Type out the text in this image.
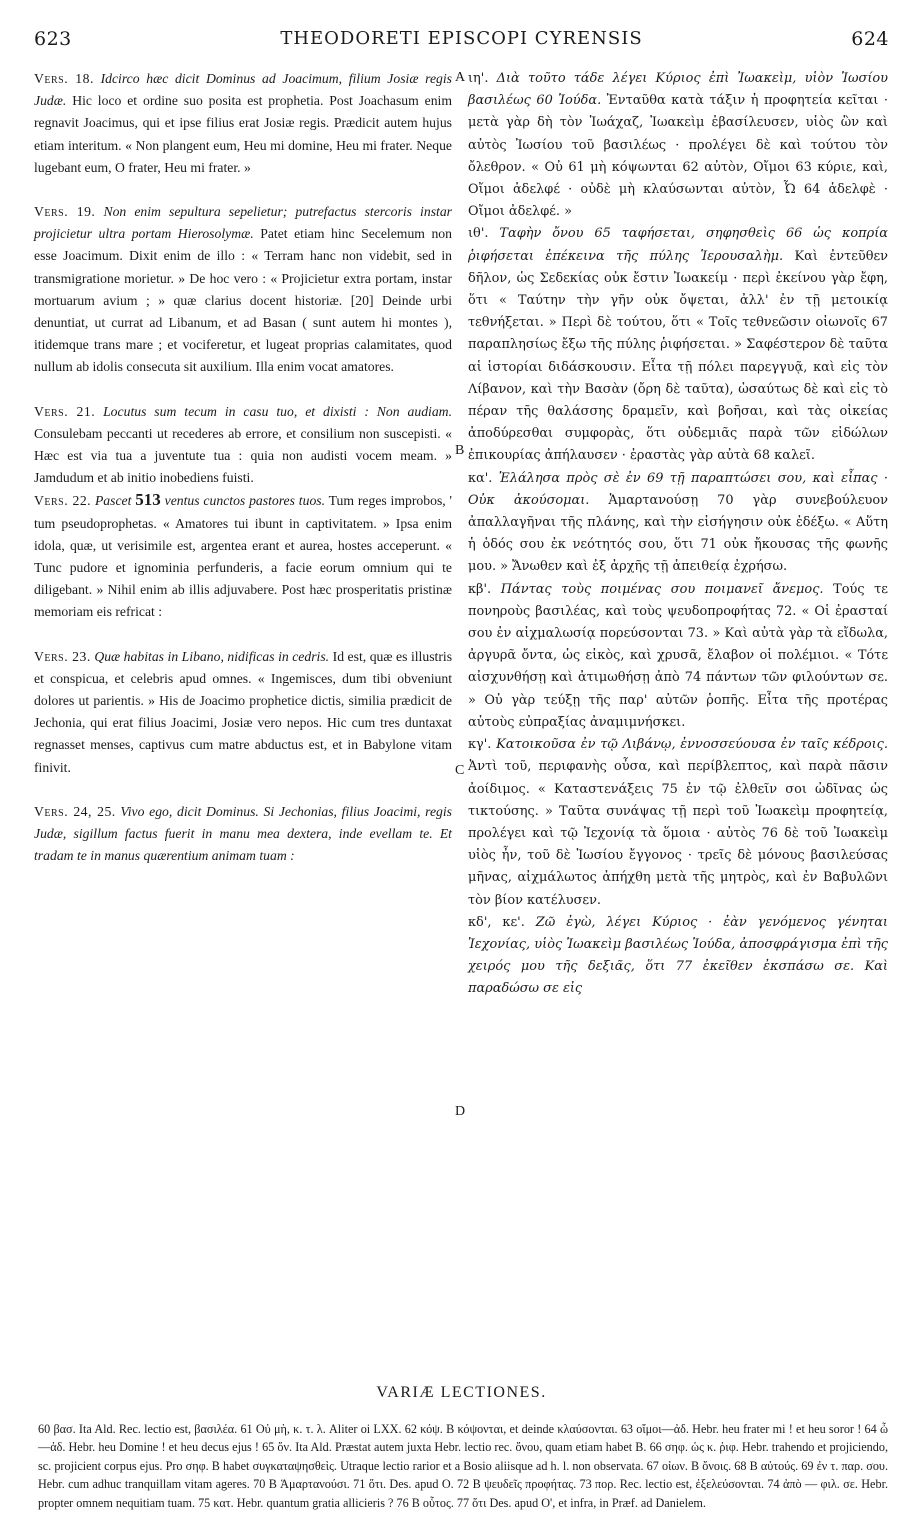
623	THEODORETI EPISCOPI CYRENSIS	624
A
B
C
D

Vers. 18. Idcirco hæc dicit Dominus ad Joacimum, filium Josiæ regis Judæ. Hic loco et ordine suo posita est prophetia. Post Joachasum enim regnavit Joacimus, qui et ipse filius erat Josiæ regis. Prædicit autem hujus etiam interitum. « Non plangent eum, Heu mi domine, Heu mi frater. Neque lugebant eum, O frater, Heu mi frater. »

Vers. 19. Non enim sepultura sepelietur; putrefactus stercoris instar projicietur ultra portam Hierosolymæ. Patet etiam hinc Secelemum non esse Joacimum. Dixit enim de illo : « Terram hanc non videbit, sed in transmigratione morietur. » De hoc vero : « Projicietur extra portam, instar mortuarum avium ; » quæ clarius docent historiæ. [20] Deinde urbi denuntiat, ut currat ad Libanum, et ad Basan ( sunt autem hi montes ), itidemque trans mare ; et vociferetur, et lugeat proprias calamitates, quod nullum ab idolis consecuta sit auxilium. Illa enim vocat amatores.

Vers. 21. Locutus sum tecum in casu tuo, et dixisti : Non audiam. Consulebam peccanti ut recederes ab errore, et consilium non suscepisti. « Hæc est via tua a juventute tua : quia non audisti vocem meam. » Jamdudum et ab initio inobediens fuisti.

Vers. 22. Pascet 513 ventus cunctos pastores tuos. Tum reges improbos, ' tum pseudoprophetas. « Amatores tui ibunt in captivitatem. » Ipsa enim idola, quæ, ut verisimile est, argentea erant et aurea, hostes acceperunt. « Tunc pudore et ignominia perfunderis, a facie eorum omnium qui te diligebant. » Nihil enim ab illis adjuvabere. Post hæc prosperitatis pristinæ memoriam eis refricat :

Vers. 23. Quæ habitas in Libano, nidificas in cedris. Id est, quæ es illustris et conspicua, et celebris apud omnes. « Ingemisces, dum tibi obveniunt dolores ut parientis. » His de Joacimo prophetice dictis, similia prædicit de Jechonia, qui erat filius Joacimi, Josiæ vero nepos. Hic cum tres duntaxat regnasset menses, captivus cum matre abductus est, et in Babylone vitam finivit.

Vers. 24, 25. Vivo ego, dicit Dominus. Si Jechonias, filius Joacimi, regis Judæ, sigillum factus fuerit in manu mea dextera, inde evellam te. Et tradam te in manus quærentium animam tuam :

ιη'. Διὰ τοῦτο τάδε λέγει Κύριος ἐπὶ Ἰωακεὶμ, υἱὸν Ἰωσίου βασιλέως 60 Ἰούδα. Ἐνταῦθα κατὰ τάξιν ἡ προφητεία κεῖται · μετὰ γὰρ δὴ τὸν Ἰωάχαζ, Ἰωακεὶμ ἐβασίλευσεν, υἱὸς ὢν καὶ αὐτὸς Ἰωσίου τοῦ βασιλέως · προλέγει δὲ καὶ τούτου τὸν ὄλεθρον. « Οὐ 61 μὴ κόψωνται 62 αὐτὸν, Οἴμοι 63 κύριε, καὶ, Οἴμοι ἀδελφέ · οὐδὲ μὴ κλαύσωνται αὐτὸν, Ὦ 64 ἀδελφὲ · Οἴμοι ἀδελφέ. »

ιθ'. Ταφὴν ὄνου 65 ταφήσεται, σηφησθεὶς 66 ὡς κοπρία ῥιφήσεται ἐπέκεινα τῆς πύλης Ἱερουσαλὴμ. Καὶ ἐντεῦθεν δῆλον, ὡς Σεδεκίας οὐκ ἔστιν Ἰωακείμ · περὶ ἐκείνου γὰρ ἔφη, ὅτι « Ταύτην τὴν γῆν οὐκ ὄψεται, ἀλλ' ἐν τῇ μετοικίᾳ τεθνήξεται. » Περὶ δὲ τούτου, ὅτι « Τοῖς τεθνεῶσιν οἰωνοῖς 67 παραπλησίως ἔξω τῆς πύλης ῥιφήσεται. » Σαφέστερον δὲ ταῦτα αἱ ἱστορίαι διδάσκουσιν. Εἶτα τῇ πόλει παρεγγυᾷ, καὶ εἰς τὸν Λίβανον, καὶ τὴν Βασὰν (ὄρη δὲ ταῦτα), ὡσαύτως δὲ καὶ εἰς τὸ πέραν τῆς θαλάσσης δραμεῖν, καὶ βοῆσαι, καὶ τὰς οἰκείας ἀποδύρεσθαι συμφορὰς, ὅτι οὐδεμιᾶς παρὰ τῶν εἰδώλων ἐπικουρίας ἀπήλαυσεν · ἐραστὰς γὰρ αὐτὰ 68 καλεῖ.

κα'. Ἐλάλησα πρὸς σὲ ἐν 69 τῇ παραπτώσει σου, καὶ εἶπας · Οὐκ ἀκούσομαι. Ἁμαρτανούσῃ 70 γὰρ συνεβούλευον ἀπαλλαγῆναι τῆς πλάνης, καὶ τὴν εἰσήγησιν οὐκ ἐδέξω. « Αὕτη ἡ ὁδός σου ἐκ νεότητός σου, ὅτι 71 οὐκ ἤκουσας τῆς φωνῆς μου. » Ἄνωθεν καὶ ἐξ ἀρχῆς τῇ ἀπειθείᾳ ἐχρήσω.

κβ'. Πάντας τοὺς ποιμένας σου ποιμανεῖ ἄνεμος. Τούς τε πονηροὺς βασιλέας, καὶ τοὺς ψευδοπροφήτας 72. « Οἱ ἐρασταί σου ἐν αἰχμαλωσίᾳ πορεύσονται 73. » Καὶ αὐτὰ γὰρ τὰ εἴδωλα, ἀργυρᾶ ὄντα, ὡς εἰκὸς, καὶ χρυσᾶ, ἔλαβον οἱ πολέμιοι. « Τότε αἰσχυνθήσῃ καὶ ἀτιμωθήσῃ ἀπὸ 74 πάντων τῶν φιλούντων σε. » Οὐ γὰρ τεύξῃ τῆς παρ' αὐτῶν ῥοπῆς. Εἶτα τῆς προτέρας αὐτοὺς εὐπραξίας ἀναμιμνήσκει.

κγ'. Κατοικοῦσα ἐν τῷ Λιβάνῳ, ἐννοσσεύουσα ἐν ταῖς κέδροις. Ἀντὶ τοῦ, περιφανὴς οὖσα, καὶ περίβλεπτος, καὶ παρὰ πᾶσιν ἀοίδιμος. « Καταστενάξεις 75 ἐν τῷ ἐλθεῖν σοι ὠδῖνας ὡς τικτούσης. » Ταῦτα συνάψας τῇ περὶ τοῦ Ἰωακεὶμ προφητείᾳ, προλέγει καὶ τῷ Ἰεχονίᾳ τὰ ὅμοια · αὐτὸς 76 δὲ τοῦ Ἰωακεὶμ υἱὸς ἦν, τοῦ δὲ Ἰωσίου ἔγγονος · τρεῖς δὲ μόνους βασιλεύσας μῆνας, αἰχμάλωτος ἀπήχθη μετὰ τῆς μητρὸς, καὶ ἐν Βαβυλῶνι τὸν βίον κατέλυσεν.

κδ', κε'. Ζῶ ἐγὼ, λέγει Κύριος · ἐὰν γενόμενος γένηται Ἰεχονίας, υἱὸς Ἰωακεὶμ βασιλέως Ἰούδα, ἀποσφράγισμα ἐπὶ τῆς χειρός μου τῆς δεξιᾶς, ὅτι 77 ἐκεῖθεν ἐκσπάσω σε. Καὶ παραδώσω σε εἰς

VARIÆ LECTIONES.
60 βασ. Ita Ald. Rec. lectio est, βασιλέα. 61 Οὐ μὴ, κ. τ. λ. Aliter oi LXX. 62 κόψ. B κόψονται, et deinde κλαύσονται. 63 οἴμοι—ἀδ. Hebr. heu frater mi ! et heu soror ! 64 ὦ—ἀδ. Hebr. heu Domine ! et heu decus ejus ! 65 ὄν. Ita Ald. Præstat autem juxta Hebr. lectio rec. ὄνου, quam etiam habet B. 66 σηφ. ὡς κ. ῥιφ. Hebr. trahendo et projiciendo, sc. projicient corpus ejus. Pro σηφ. B habet συγκαταψησθεὶς. Utraque lectio rarior et a Bosio aliisque ad h. l. non observata. 67 οἰων. B ὄνοις. 68 B αὐτούς. 69 ἐν τ. παρ. σου. Hebr. cum adhuc tranquillam vitam ageres. 70 B Ἁμαρτανούσι. 71 ὅτι. Des. apud O. 72 B ψευδεῖς προφήτας. 73 πορ. Rec. lectio est, ἐξελεύσονται. 74 ἀπὸ — φιλ. σε. Hebr. propter omnem nequitiam tuam. 75 κατ. Hebr. quantum gratia allicieris ? 76 B οὗτος. 77 ὅτι Des. apud O', et infra, in Præf. ad Danielem.
